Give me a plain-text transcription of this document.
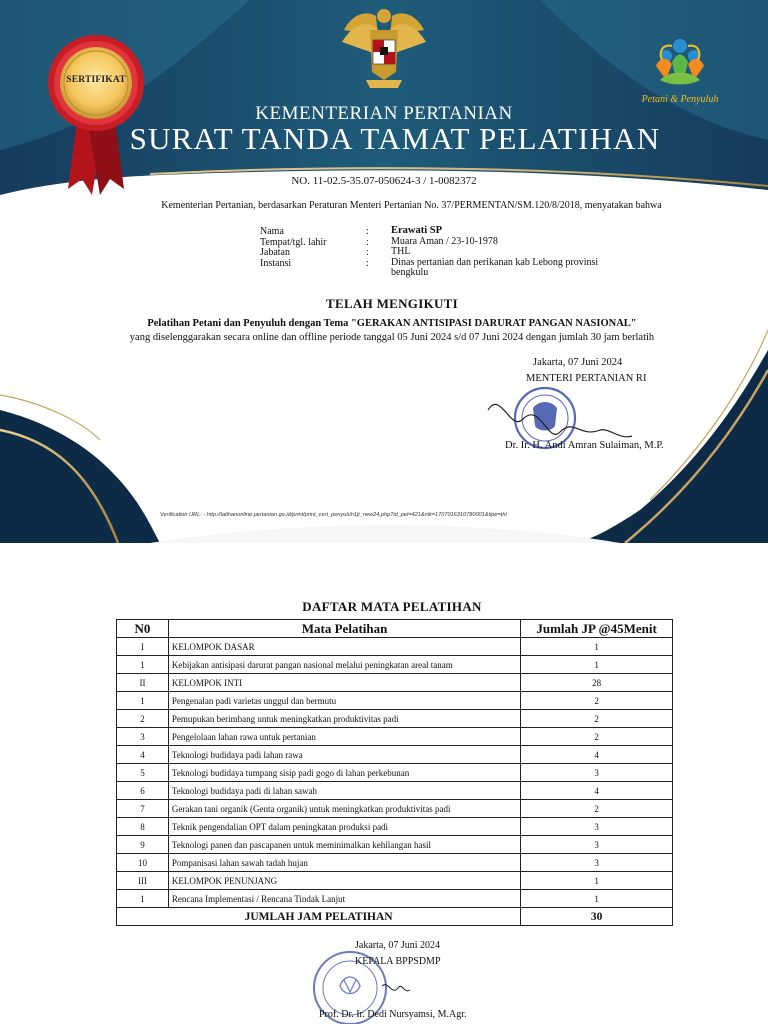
Petani & Penyuluh
SERTIFIKAT
KEMENTERIAN PERTANIAN
SURAT TANDA TAMAT PELATIHAN
NO. 11-02.5-35.07-050624-3 / 1-0082372
Kementerian Pertanian, berdasarkan Peraturan Menteri Pertanian No. 37/PERMENTAN/SM.120/8/2018, menyatakan bahwa
Nama	: Erawati SP
Tempat/tgl. lahir	: Muara Aman / 23-10-1978
Jabatan	: THL
Instansi	: Dinas pertanian dan perikanan kab Lebong provinsi bengkulu
TELAH MENGIKUTI
Pelatihan Petani dan Penyuluh dengan Tema "GERAKAN ANTISIPASI DARURAT PANGAN NASIONAL"
yang diselenggarakan secara online dan offline periode tanggal 05 Juni 2024 s/d 07 Juni 2024 dengan jumlah 30 jam berlatih
Jakarta, 07 Juni 2024
MENTERI PERTANIAN RI
Dr. Ir. H. Andi Amran Sulaiman, M.P.
Verification URL: - http://latihanonline.pertanian.go.id/print/print_cert_penyuluh1jt_new24.php?id_pel=421&nik=1707016310780001&tipe=thl
DAFTAR MATA PELATIHAN
N0	Mata Pelatihan	Jumlah JP @45Menit
I	KELOMPOK DASAR	1
1	Kebijakan antisipasi darurat pangan nasional melalui peningkatan areal tanam	1
II	KELOMPOK INTI	28
1	Pengenalan padi varietas unggul dan bermutu	2
2	Pemupukan berimbang untuk meningkatkan produktivitas padi	2
3	Pengelolaan lahan rawa untuk pertanian	2
4	Teknologi budidaya padi lahan rawa	4
5	Teknologi budidaya tumpang sisip padi gogo di lahan perkebunan	3
6	Teknologi budidaya padi di lahan sawah	4
7	Gerakan tani organik (Genta organik) untuk meningkatkan produktivitas padi	2
8	Teknik pengendalian OPT dalam peningkatan produksi padi	3
9	Teknologi panen dan pascapanen untuk meminimalkan kehilangan hasil	3
10	Pompanisasi lahan sawah tadah hujan	3
III	KELOMPOK PENUNJANG	1
1	Rencana Implementasi / Rencana Tindak Lanjut	1
JUMLAH JAM PELATIHAN		30
Jakarta, 07 Juni 2024
KEPALA BPPSDMP
Prof. Dr. Ir. Dedi Nursyamsi, M.Agr.
